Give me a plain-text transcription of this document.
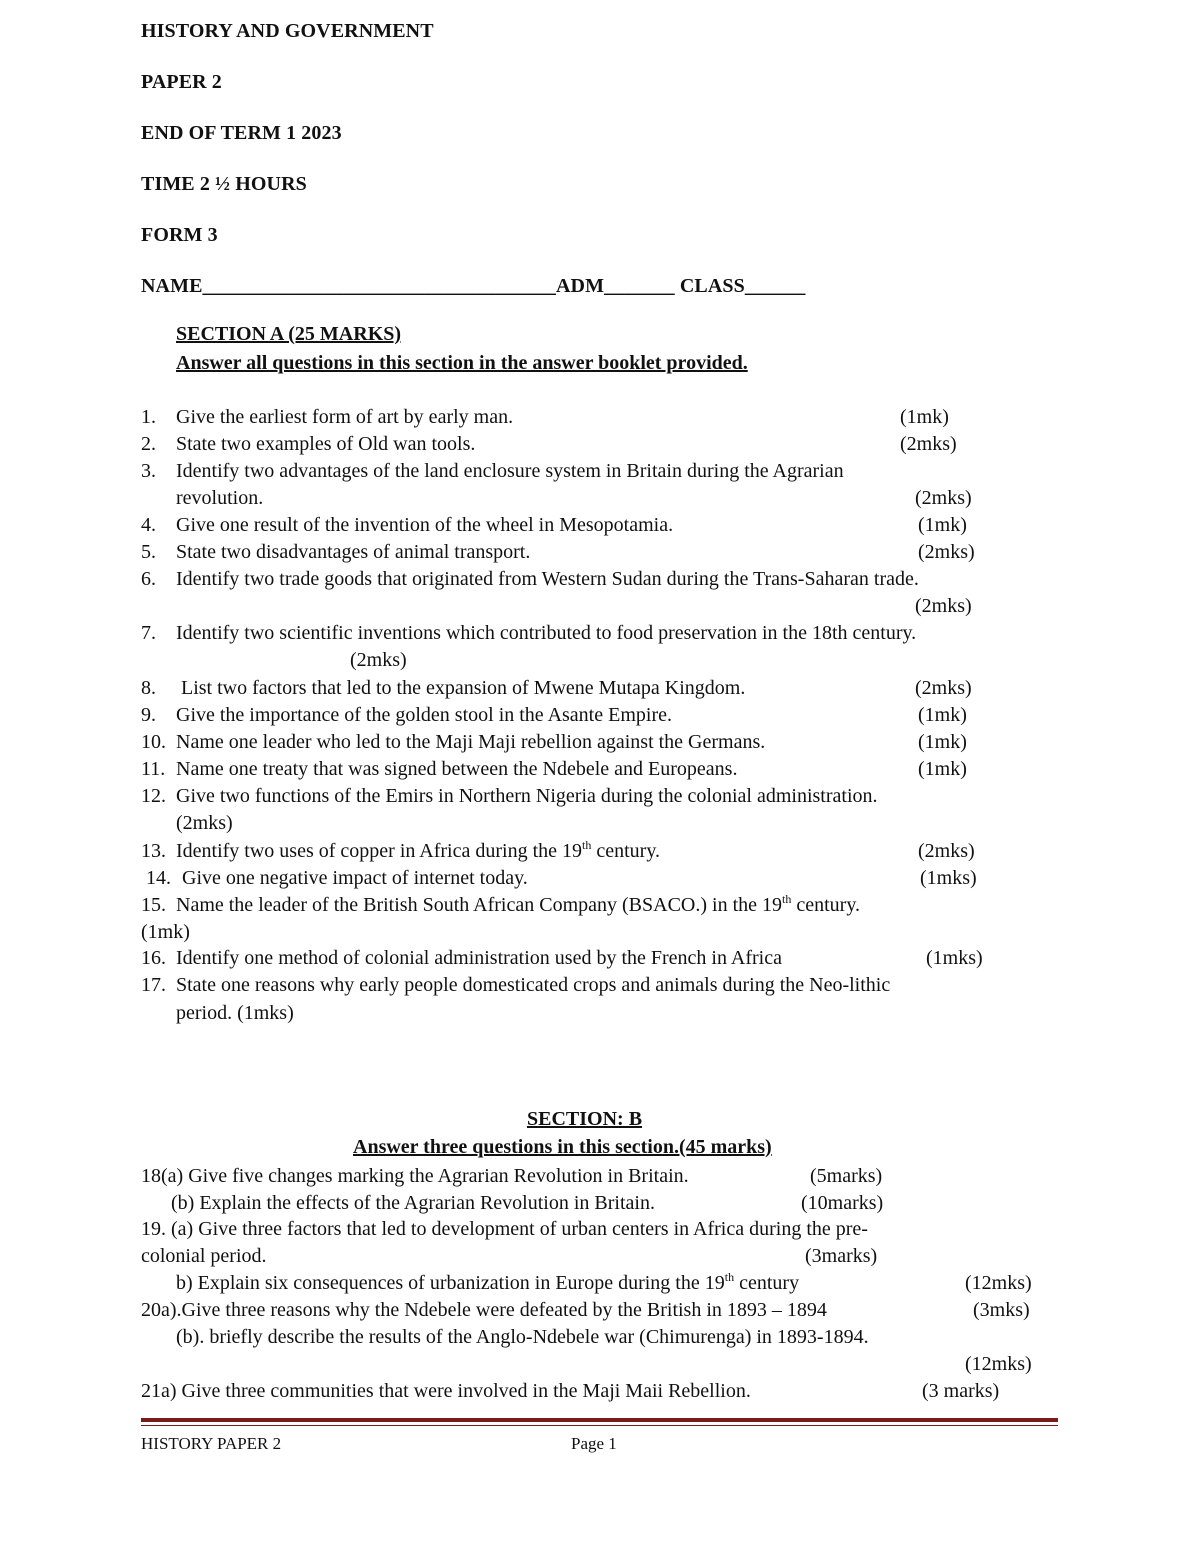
HISTORY AND GOVERNMENT
PAPER 2
END OF TERM 1 2023
TIME 2 ½ HOURS
FORM 3
NAME___________________________________ADM_______ CLASS______
SECTION A (25 MARKS)
Answer all questions in this section in the answer booklet provided.
1. Give the earliest form of art by early man.	(1mk)
2. State two examples of Old wan tools.	(2mks)
3. Identify two advantages of the land enclosure system in Britain during the Agrarian
revolution.	(2mks)
4. Give one result of the invention of the wheel in Mesopotamia.	(1mk)
5. State two disadvantages of animal transport.	(2mks)
6. Identify two trade goods that originated from Western Sudan during the Trans-Saharan trade.
(2mks)
7. Identify two scientific inventions which contributed to food preservation in the 18th century.
(2mks)
8. List two factors that led to the expansion of Mwene Mutapa Kingdom.	(2mks)
9. Give the importance of the golden stool in the Asante Empire.	(1mk)
10. Name one leader who led to the Maji Maji rebellion against the Germans.	(1mk)
11. Name one treaty that was signed between the Ndebele and Europeans.	(1mk)
12. Give two functions of the Emirs in Northern Nigeria during the colonial administration.
(2mks)
13. Identify two uses of copper in Africa during the 19th century.	(2mks)
14. Give one negative impact of internet today.	(1mks)
15. Name the leader of the British South African Company (BSACO.) in the 19th century.
(1mk)
16. Identify one method of colonial administration used by the French in Africa	(1mks)
17. State one reasons why early people domesticated crops and animals during the Neo-lithic
period. (1mks)
SECTION: B
Answer three questions in this section.(45 marks)
18(a) Give five changes marking the Agrarian Revolution in Britain.	(5marks)
(b) Explain the effects of the Agrarian Revolution in Britain.	(10marks)
19. (a) Give three factors that led to development of urban centers in Africa during the pre-
colonial period.	(3marks)
b) Explain six consequences of urbanization in Europe during the 19th century	(12mks)
20a).Give three reasons why the Ndebele were defeated by the British in 1893 – 1894	(3mks)
(b). briefly describe the results of the Anglo-Ndebele war (Chimurenga) in 1893-1894.
(12mks)
21a) Give three communities that were involved in the Maji Maii Rebellion.	(3 marks)
HISTORY PAPER 2	Page 1
